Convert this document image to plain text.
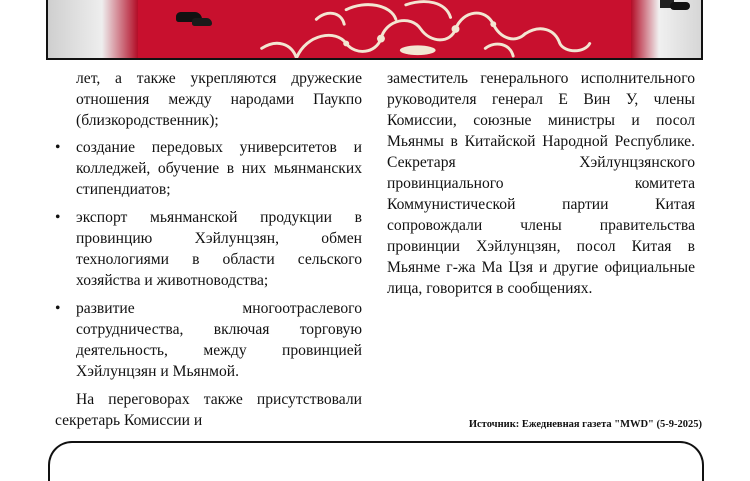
лет, а также укрепляются дружеские отношения между народами Паукпо (близкородственник);

• создание передовых университетов и колледжей, обучение в них мьянманских стипендиатов;
• экспорт мьянманской продукции в провинцию Хэйлунцзян, обмен технологиями в области сельского хозяйства и животноводства;
• развитие многоотраслевого сотрудничества, включая торговую деятельность, между провинцией Хэйлунцзян и Мьянмой.

На переговорах также присутствовали секретарь Комиссии и

заместитель генерального исполнительного руководителя генерал Е Вин У, члены Комиссии, союзные министры и посол Мьянмы в Китайской Народной Республике. Секретаря Хэйлунцзянского провинциального комитета Коммунистической партии Китая сопровождали члены правительства провинции Хэйлунцзян, посол Китая в Мьянме г-жа Ма Цзя и другие официальные лица, говорится в сообщениях.

Источник: Ежедневная газета "MWD" (5-9-2025)
